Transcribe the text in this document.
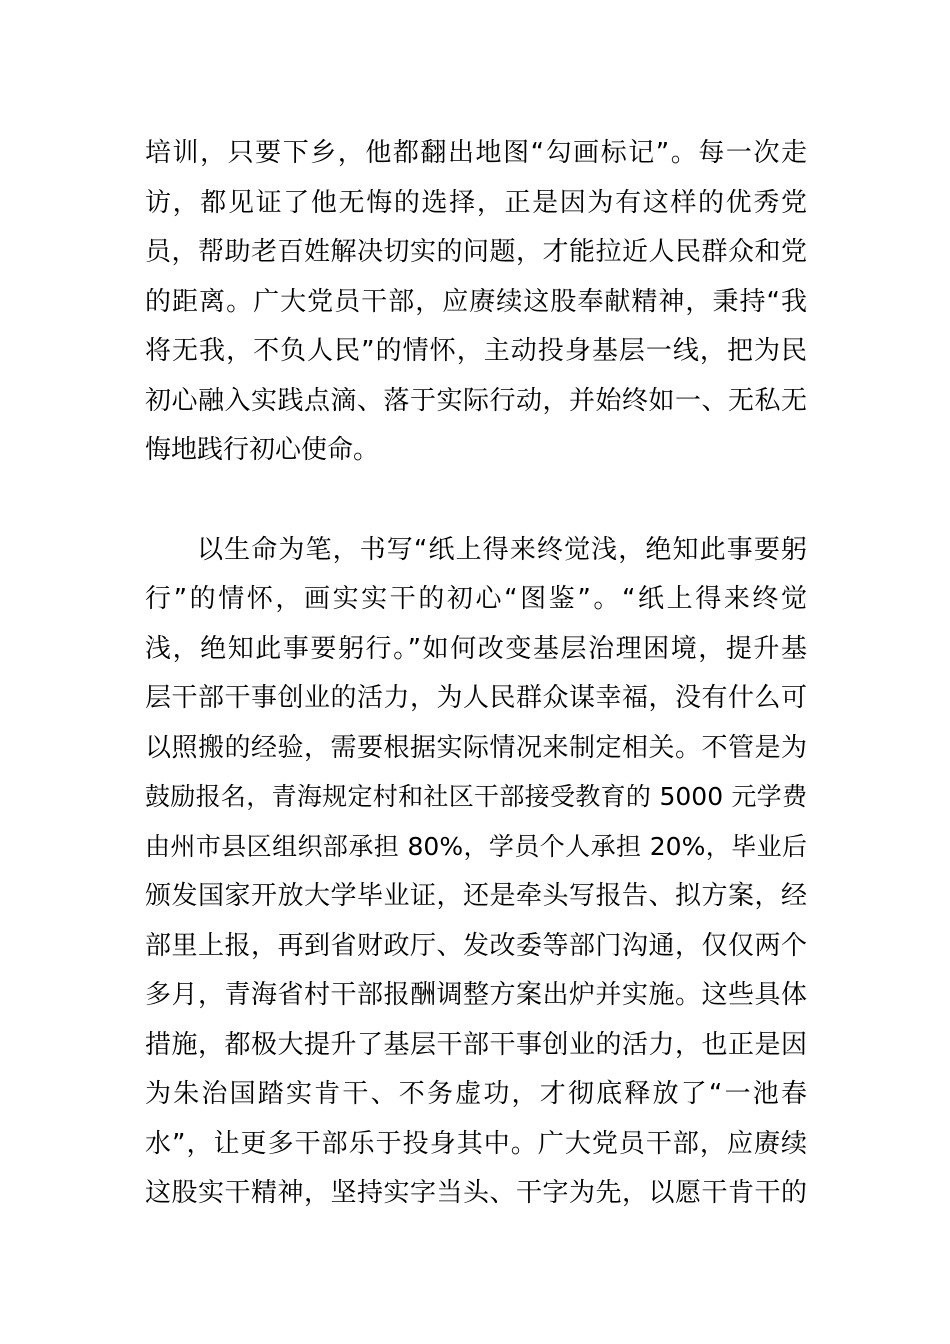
培训，只要下乡，他都翻出地图“勾画标记”。每一次走
访，都见证了他无悔的选择，正是因为有这样的优秀党
员，帮助老百姓解决切实的问题，才能拉近人民群众和党
的距离。广大党员干部，应赓续这股奉献精神，秉持“我
将无我，不负人民”的情怀，主动投身基层一线，把为民
初心融入实践点滴、落于实际行动，并始终如一、无私无
悔地践行初心使命。
以生命为笔，书写“纸上得来终觉浅，绝知此事要躬
行”的情怀，画实实干的初心“图鉴”。“纸上得来终觉
浅，绝知此事要躬行。”如何改变基层治理困境，提升基
层干部干事创业的活力，为人民群众谋幸福，没有什么可
以照搬的经验，需要根据实际情况来制定相关。不管是为
鼓励报名，青海规定村和社区干部接受教育的 5000 元学费
由州市县区组织部承担 80%，学员个人承担 20%，毕业后
颁发国家开放大学毕业证，还是牵头写报告、拟方案，经
部里上报，再到省财政厅、发改委等部门沟通，仅仅两个
多月，青海省村干部报酬调整方案出炉并实施。这些具体
措施，都极大提升了基层干部干事创业的活力，也正是因
为朱治国踏实肯干、不务虚功，才彻底释放了“一池春
水”，让更多干部乐于投身其中。广大党员干部，应赓续
这股实干精神，坚持实字当头、干字为先，以愿干肯干的
